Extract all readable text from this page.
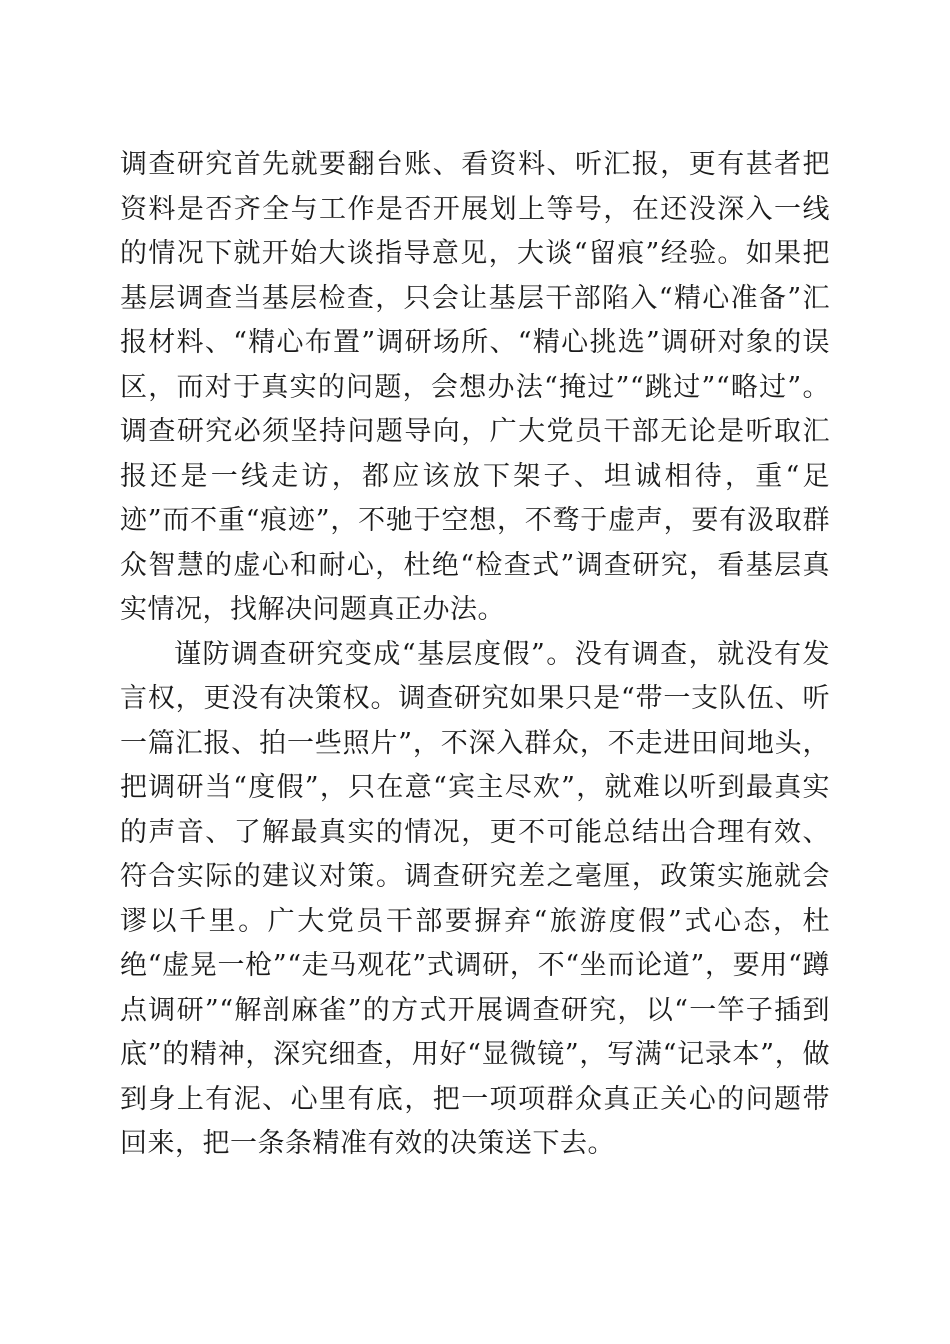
调查研究首先就要翻台账、看资料、听汇报，更有甚者把资料是否齐全与工作是否开展划上等号，在还没深入一线的情况下就开始大谈指导意见，大谈“留痕”经验。如果把基层调查当基层检查，只会让基层干部陷入“精心准备”汇报材料、“精心布置”调研场所、“精心挑选”调研对象的误区，而对于真实的问题，会想办法“掩过”“跳过”“略过”。调查研究必须坚持问题导向，广大党员干部无论是听取汇报还是一线走访，都应该放下架子、坦诚相待，重“足迹”而不重“痕迹”，不驰于空想，不骛于虚声，要有汲取群众智慧的虚心和耐心，杜绝“检查式”调查研究，看基层真实情况，找解决问题真正办法。

谨防调查研究变成“基层度假”。没有调查，就没有发言权，更没有决策权。调查研究如果只是“带一支队伍、听一篇汇报、拍一些照片”，不深入群众，不走进田间地头，把调研当“度假”，只在意“宾主尽欢”，就难以听到最真实的声音、了解最真实的情况，更不可能总结出合理有效、符合实际的建议对策。调查研究差之毫厘，政策实施就会谬以千里。广大党员干部要摒弃“旅游度假”式心态，杜绝“虚晃一枪”“走马观花”式调研，不“坐而论道”，要用“蹲点调研”“解剖麻雀”的方式开展调查研究，以“一竿子插到底”的精神，深究细查，用好“显微镜”，写满“记录本”，做到身上有泥、心里有底，把一项项群众真正关心的问题带回来，把一条条精准有效的决策送下去。
